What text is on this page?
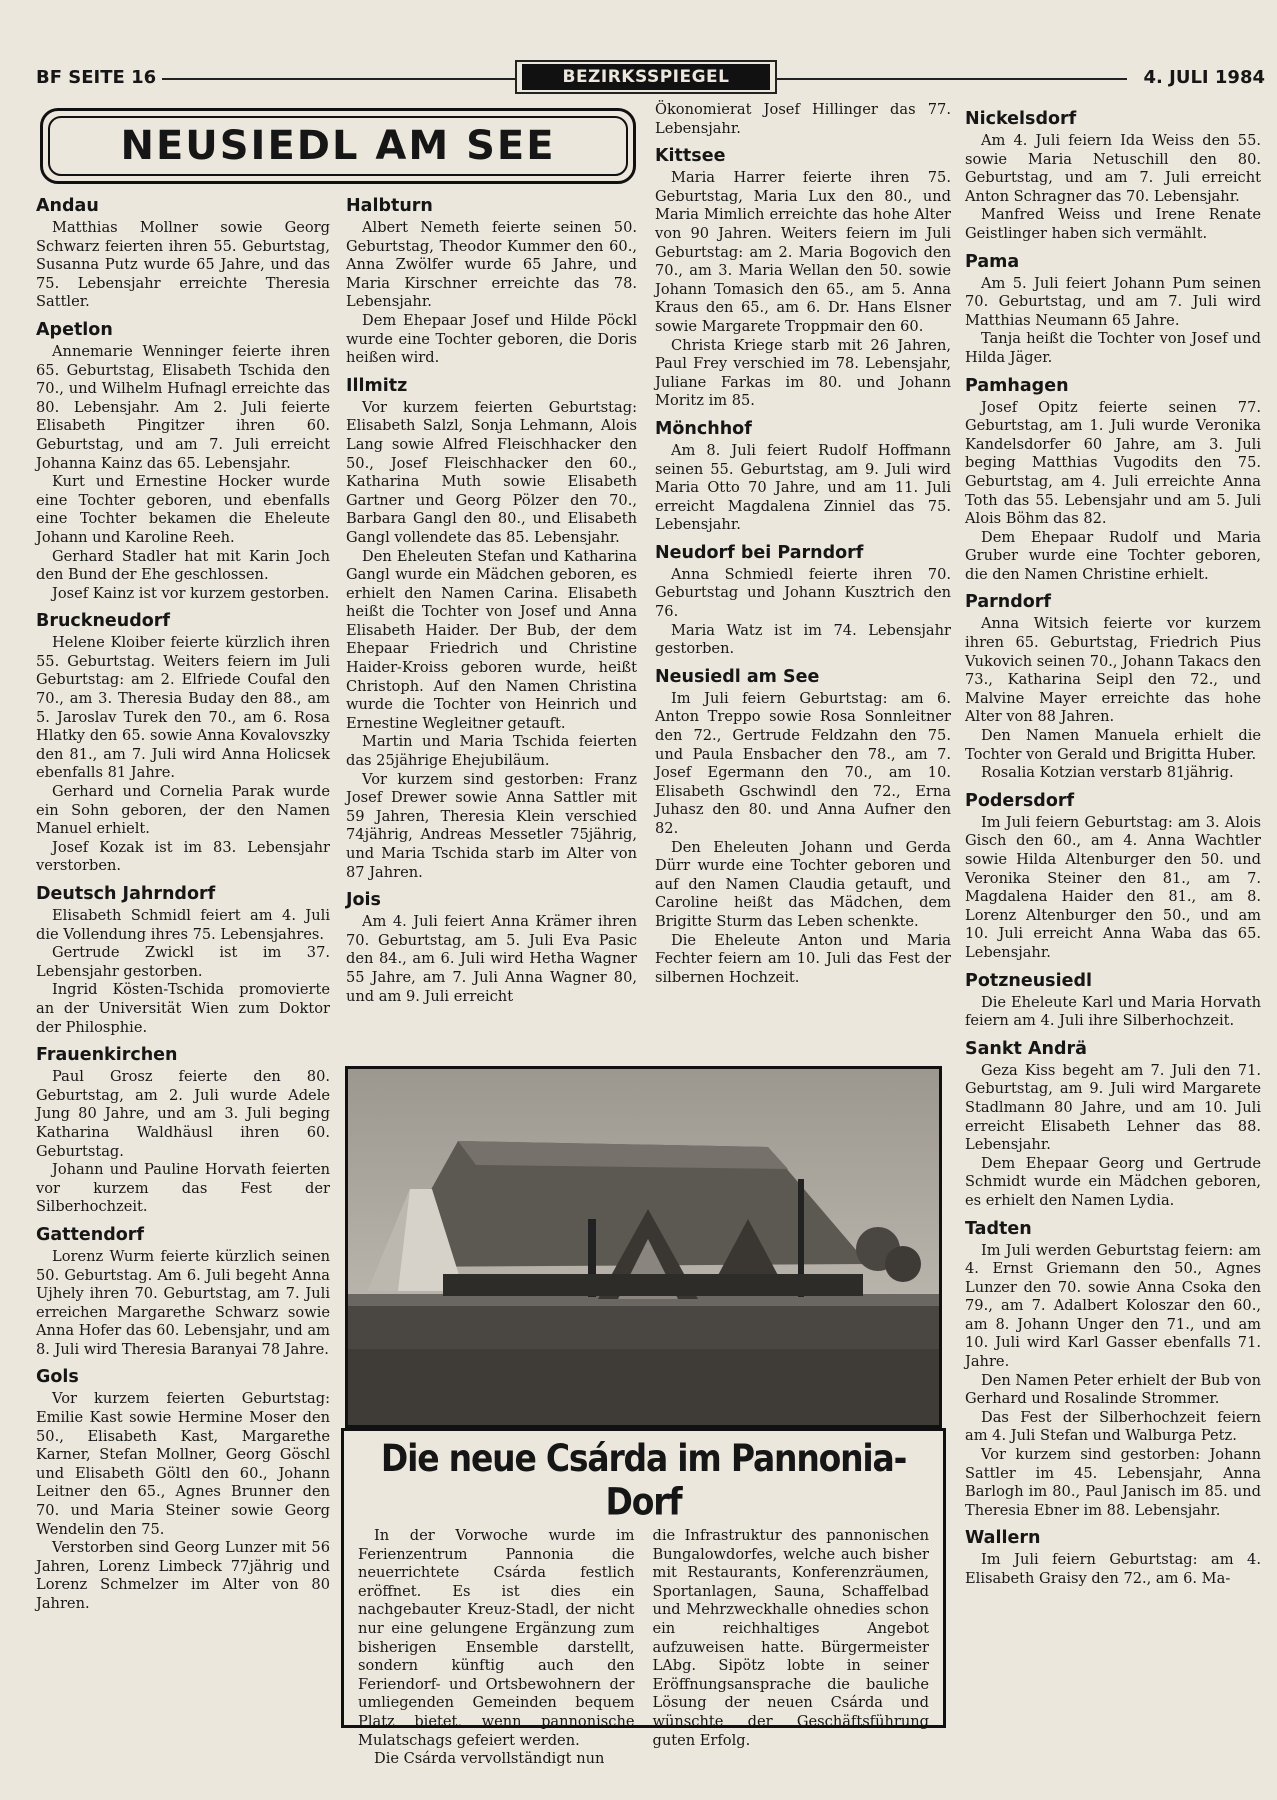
BF SEITE 16	BEZIRKSSPIEGEL	4. JULI 1984
NEUSIEDL AM SEE
Andau

Matthias Mollner sowie Georg Schwarz feierten ihren 55. Geburtstag, Susanna Putz wurde 65 Jahre, und das 75. Lebensjahr erreichte Theresia Sattler.

Apetlon

Annemarie Wenninger feierte ihren 65. Geburtstag, Elisabeth Tschida den 70., und Wilhelm Hufnagl erreichte das 80. Lebensjahr. Am 2. Juli feierte Elisabeth Pingitzer ihren 60. Geburtstag, und am 7. Juli erreicht Johanna Kainz das 65. Lebensjahr.

Kurt und Ernestine Hocker wurde eine Tochter geboren, und ebenfalls eine Tochter bekamen die Eheleute Johann und Karoline Reeh.

Gerhard Stadler hat mit Karin Joch den Bund der Ehe geschlossen.

Josef Kainz ist vor kurzem gestorben.

Bruckneudorf

Helene Kloiber feierte kürzlich ihren 55. Geburtstag. Weiters feiern im Juli Geburtstag: am 2. Elfriede Coufal den 70., am 3. Theresia Buday den 88., am 5. Jaroslav Turek den 70., am 6. Rosa Hlatky den 65. sowie Anna Kovalovszky den 81., am 7. Juli wird Anna Holicsek ebenfalls 81 Jahre.

Gerhard und Cornelia Parak wurde ein Sohn geboren, der den Namen Manuel erhielt.

Josef Kozak ist im 83. Lebensjahr verstorben.

Deutsch Jahrndorf

Elisabeth Schmidl feiert am 4. Juli die Vollendung ihres 75. Lebensjahres.

Gertrude Zwickl ist im 37. Lebensjahr gestorben.

Ingrid Kösten-Tschida promovierte an der Universität Wien zum Doktor der Philosphie.

Frauenkirchen

Paul Grosz feierte den 80. Geburtstag, am 2. Juli wurde Adele Jung 80 Jahre, und am 3. Juli beging Katharina Waldhäusl ihren 60. Geburtstag.

Johann und Pauline Horvath feierten vor kurzem das Fest der Silberhochzeit.

Gattendorf

Lorenz Wurm feierte kürzlich seinen 50. Geburtstag. Am 6. Juli begeht Anna Ujhely ihren 70. Geburtstag, am 7. Juli erreichen Margarethe Schwarz sowie Anna Hofer das 60. Lebensjahr, und am 8. Juli wird Theresia Baranyai 78 Jahre.

Gols

Vor kurzem feierten Geburtstag: Emilie Kast sowie Hermine Moser den 50., Elisabeth Kast, Margarethe Karner, Stefan Mollner, Georg Göschl und Elisabeth Göltl den 60., Johann Leitner den 65., Agnes Brunner den 70. und Maria Steiner sowie Georg Wendelin den 75.

Verstorben sind Georg Lunzer mit 56 Jahren, Lorenz Limbeck 77jährig und Lorenz Schmelzer im Alter von 80 Jahren.

Halbturn

Albert Nemeth feierte seinen 50. Geburtstag, Theodor Kummer den 60., Anna Zwölfer wurde 65 Jahre, und Maria Kirschner erreichte das 78. Lebensjahr.

Dem Ehepaar Josef und Hilde Pöckl wurde eine Tochter geboren, die Doris heißen wird.

Illmitz

Vor kurzem feierten Geburtstag: Elisabeth Salzl, Sonja Lehmann, Alois Lang sowie Alfred Fleischhacker den 50., Josef Fleischhacker den 60., Katharina Muth sowie Elisabeth Gartner und Georg Pölzer den 70., Barbara Gangl den 80., und Elisabeth Gangl vollendete das 85. Lebensjahr.

Den Eheleuten Stefan und Katharina Gangl wurde ein Mädchen geboren, es erhielt den Namen Carina. Elisabeth heißt die Tochter von Josef und Anna Elisabeth Haider. Der Bub, der dem Ehepaar Friedrich und Christine Haider-Kroiss geboren wurde, heißt Christoph. Auf den Namen Christina wurde die Tochter von Heinrich und Ernestine Wegleitner getauft.

Martin und Maria Tschida feierten das 25jährige Ehejubiläum.

Vor kurzem sind gestorben: Franz Josef Drewer sowie Anna Sattler mit 59 Jahren, Theresia Klein verschied 74jährig, Andreas Messetler 75jährig, und Maria Tschida starb im Alter von 87 Jahren.

Jois

Am 4. Juli feiert Anna Krämer ihren 70. Geburtstag, am 5. Juli Eva Pasic den 84., am 6. Juli wird Hetha Wagner 55 Jahre, am 7. Juli Anna Wagner 80, und am 9. Juli erreicht

Ökonomierat Josef Hillinger das 77. Lebensjahr.

Kittsee

Maria Harrer feierte ihren 75. Geburtstag, Maria Lux den 80., und Maria Mimlich erreichte das hohe Alter von 90 Jahren. Weiters feiern im Juli Geburtstag: am 2. Maria Bogovich den 70., am 3. Maria Wellan den 50. sowie Johann Tomasich den 65., am 5. Anna Kraus den 65., am 6. Dr. Hans Elsner sowie Margarete Troppmair den 60.

Christa Kriege starb mit 26 Jahren, Paul Frey verschied im 78. Lebensjahr, Juliane Farkas im 80. und Johann Moritz im 85.

Mönchhof

Am 8. Juli feiert Rudolf Hoffmann seinen 55. Geburtstag, am 9. Juli wird Maria Otto 70 Jahre, und am 11. Juli erreicht Magdalena Zinniel das 75. Lebensjahr.

Neudorf bei Parndorf

Anna Schmiedl feierte ihren 70. Geburtstag und Johann Kusztrich den 76.

Maria Watz ist im 74. Lebensjahr gestorben.

Neusiedl am See

Im Juli feiern Geburtstag: am 6. Anton Treppo sowie Rosa Sonnleitner den 72., Gertrude Feldzahn den 75. und Paula Ensbacher den 78., am 7. Josef Egermann den 70., am 10. Elisabeth Gschwindl den 72., Erna Juhasz den 80. und Anna Aufner den 82.

Den Eheleuten Johann und Gerda Dürr wurde eine Tochter geboren und auf den Namen Claudia getauft, und Caroline heißt das Mädchen, dem Brigitte Sturm das Leben schenkte.

Die Eheleute Anton und Maria Fechter feiern am 10. Juli das Fest der silbernen Hochzeit.

Nickelsdorf

Am 4. Juli feiern Ida Weiss den 55. sowie Maria Netuschill den 80. Geburtstag, und am 7. Juli erreicht Anton Schragner das 70. Lebensjahr.

Manfred Weiss und Irene Renate Geistlinger haben sich vermählt.

Pama

Am 5. Juli feiert Johann Pum seinen 70. Geburtstag, und am 7. Juli wird Matthias Neumann 65 Jahre.

Tanja heißt die Tochter von Josef und Hilda Jäger.

Pamhagen

Josef Opitz feierte seinen 77. Geburtstag, am 1. Juli wurde Veronika Kandelsdorfer 60 Jahre, am 3. Juli beging Matthias Vugodits den 75. Geburtstag, am 4. Juli erreichte Anna Toth das 55. Lebensjahr und am 5. Juli Alois Böhm das 82.

Dem Ehepaar Rudolf und Maria Gruber wurde eine Tochter geboren, die den Namen Christine erhielt.

Parndorf

Anna Witsich feierte vor kurzem ihren 65. Geburtstag, Friedrich Pius Vukovich seinen 70., Johann Takacs den 73., Katharina Seipl den 72., und Malvine Mayer erreichte das hohe Alter von 88 Jahren.

Den Namen Manuela erhielt die Tochter von Gerald und Brigitta Huber.

Rosalia Kotzian verstarb 81jährig.

Podersdorf

Im Juli feiern Geburtstag: am 3. Alois Gisch den 60., am 4. Anna Wachtler sowie Hilda Altenburger den 50. und Veronika Steiner den 81., am 7. Magdalena Haider den 81., am 8. Lorenz Altenburger den 50., und am 10. Juli erreicht Anna Waba das 65. Lebensjahr.

Potzneusiedl

Die Eheleute Karl und Maria Horvath feiern am 4. Juli ihre Silberhochzeit.

Sankt Andrä

Geza Kiss begeht am 7. Juli den 71. Geburtstag, am 9. Juli wird Margarete Stadlmann 80 Jahre, und am 10. Juli erreicht Elisabeth Lehner das 88. Lebensjahr.

Dem Ehepaar Georg und Gertrude Schmidt wurde ein Mädchen geboren, es erhielt den Namen Lydia.

Tadten

Im Juli werden Geburtstag feiern: am 4. Ernst Griemann den 50., Agnes Lunzer den 70. sowie Anna Csoka den 79., am 7. Adalbert Koloszar den 60., am 8. Johann Unger den 71., und am 10. Juli wird Karl Gasser ebenfalls 71. Jahre.

Den Namen Peter erhielt der Bub von Gerhard und Rosalinde Strommer.

Das Fest der Silberhochzeit feiern am 4. Juli Stefan und Walburga Petz.

Vor kurzem sind gestorben: Johann Sattler im 45. Lebensjahr, Anna Barlogh im 80., Paul Janisch im 85. und Theresia Ebner im 88. Lebensjahr.

Wallern

Im Juli feiern Geburtstag: am 4. Elisabeth Graisy den 72., am 6. Ma-

Die neue Csárda im Pannonia-Dorf

In der Vorwoche wurde im Ferienzentrum Pannonia die neuerrichtete Csárda festlich eröffnet. Es ist dies ein nachgebauter Kreuz-Stadl, der nicht nur eine gelungene Ergänzung zum bisherigen Ensemble darstellt, sondern künftig auch den Feriendorf- und Ortsbewohnern der umliegenden Gemeinden bequem Platz bietet, wenn pannonische Mulatschags gefeiert werden.

Die Csárda vervollständigt nun

die Infrastruktur des pannonischen Bungalowdorfes, welche auch bisher mit Restaurants, Konferenzräumen, Sportanlagen, Sauna, Schaffelbad und Mehrzweckhalle ohnedies schon ein reichhaltiges Angebot aufzuweisen hatte. Bürgermeister LAbg. Sipötz lobte in seiner Eröffnungsansprache die bauliche Lösung der neuen Csárda und wünschte der Geschäftsführung guten Erfolg.
